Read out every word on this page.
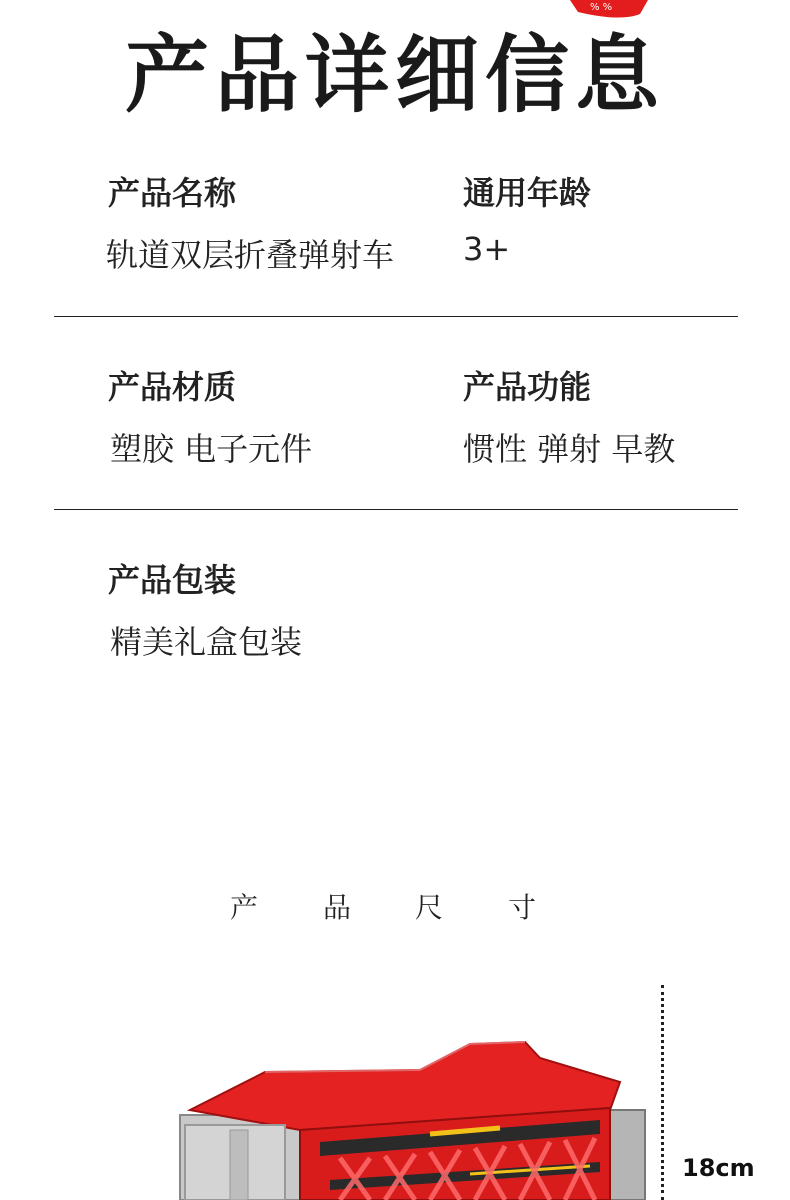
% %
产品详细信息
产品名称
轨道双层折叠弹射车
通用年龄
3+
产品材质
塑胶 电子元件
产品功能
惯性 弹射 早教
产品包装
精美礼盒包装
产 品 尺 寸
18cm
